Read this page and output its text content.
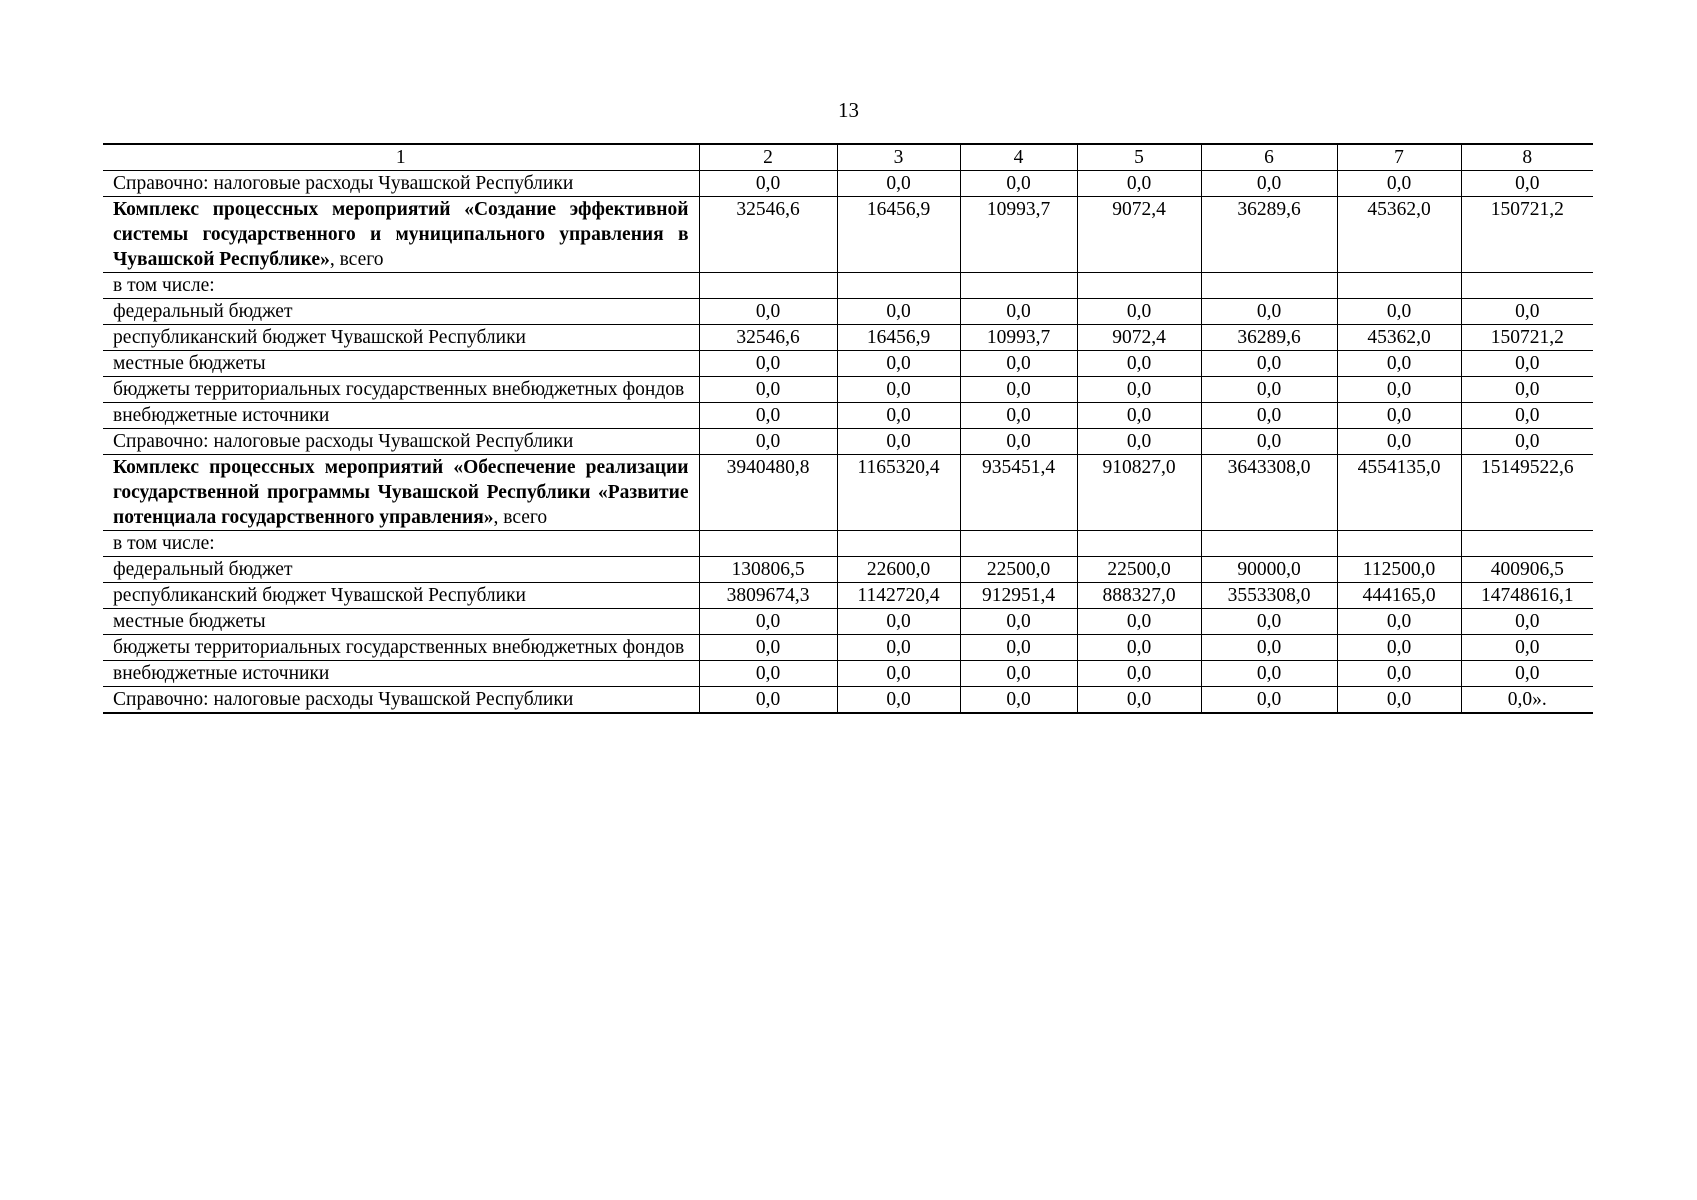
13
1	2	3	4	5	6	7	8
Справочно: налоговые расходы Чувашской Республики	0,0	0,0	0,0	0,0	0,0	0,0	0,0
Комплекс процессных мероприятий «Создание эффективной системы государственного и муниципального управления в Чувашской Республике», всего	32546,6	16456,9	10993,7	9072,4	36289,6	45362,0	150721,2
в том числе:							
федеральный бюджет	0,0	0,0	0,0	0,0	0,0	0,0	0,0
республиканский бюджет Чувашской Республики	32546,6	16456,9	10993,7	9072,4	36289,6	45362,0	150721,2
местные бюджеты	0,0	0,0	0,0	0,0	0,0	0,0	0,0
бюджеты территориальных государственных внебюджетных фондов	0,0	0,0	0,0	0,0	0,0	0,0	0,0
внебюджетные источники	0,0	0,0	0,0	0,0	0,0	0,0	0,0
Справочно: налоговые расходы Чувашской Республики	0,0	0,0	0,0	0,0	0,0	0,0	0,0
Комплекс процессных мероприятий «Обеспечение реализации государственной программы Чувашской Республики «Развитие потенциала государственного управления», всего	3940480,8	1165320,4	935451,4	910827,0	3643308,0	4554135,0	15149522,6
в том числе:							
федеральный бюджет	130806,5	22600,0	22500,0	22500,0	90000,0	112500,0	400906,5
республиканский бюджет Чувашской Республики	3809674,3	1142720,4	912951,4	888327,0	3553308,0	444165,0	14748616,1
местные бюджеты	0,0	0,0	0,0	0,0	0,0	0,0	0,0
бюджеты территориальных государственных внебюджетных фондов	0,0	0,0	0,0	0,0	0,0	0,0	0,0
внебюджетные источники	0,0	0,0	0,0	0,0	0,0	0,0	0,0
Справочно: налоговые расходы Чувашской Республики	0,0	0,0	0,0	0,0	0,0	0,0	0,0».
